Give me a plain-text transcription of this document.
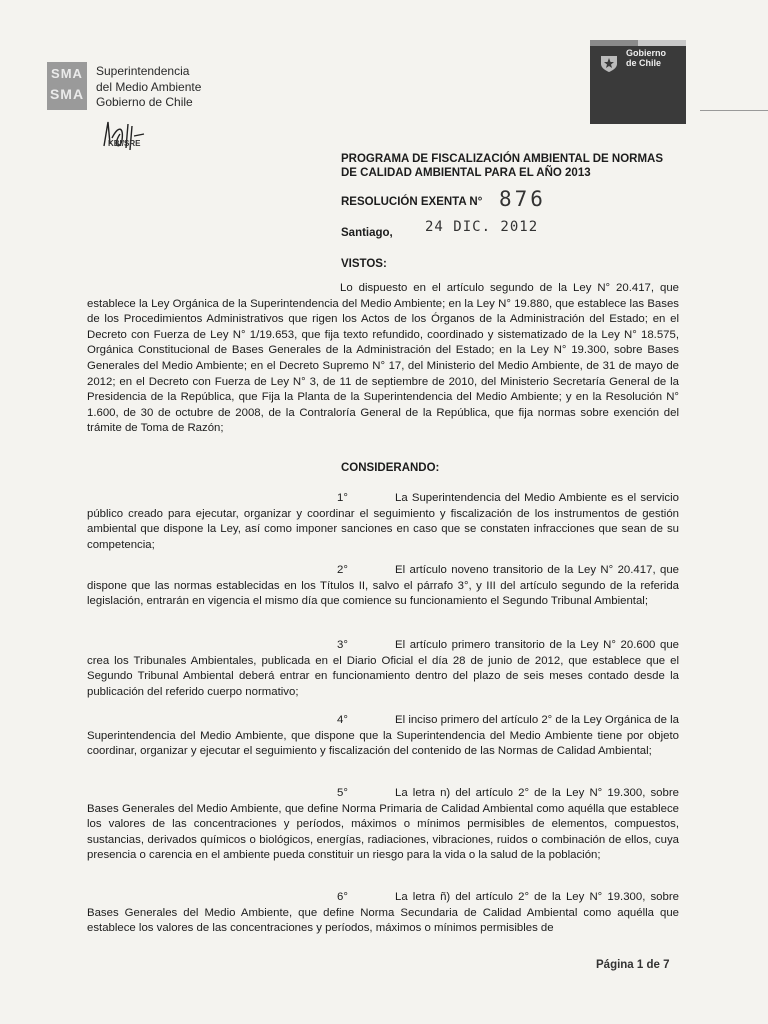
SMA
SMA
Superintendencia
del Medio Ambiente
Gobierno de Chile
KBI/SRE
Gobierno
de Chile
PROGRAMA DE FISCALIZACIÓN AMBIENTAL DE NORMAS
DE CALIDAD AMBIENTAL PARA EL AÑO 2013
RESOLUCIÓN EXENTA N° 876
Santiago, 24 DIC. 2012
VISTOS:
Lo dispuesto en el artículo segundo de la Ley N° 20.417, que establece la Ley Orgánica de la Superintendencia del Medio Ambiente; en la Ley N° 19.880, que establece las Bases de los Procedimientos Administrativos que rigen los Actos de los Órganos de la Administración del Estado; en el Decreto con Fuerza de Ley N° 1/19.653, que fija texto refundido, coordinado y sistematizado de la Ley N° 18.575, Orgánica Constitucional de Bases Generales de la Administración del Estado; en la Ley N° 19.300, sobre Bases Generales del Medio Ambiente; en el Decreto Supremo N° 17, del Ministerio del Medio Ambiente, de 31 de mayo de 2012; en el Decreto con Fuerza de Ley N° 3, de 11 de septiembre de 2010, del Ministerio Secretaría General de la Presidencia de la República, que Fija la Planta de la Superintendencia del Medio Ambiente; y en la Resolución N° 1.600, de 30 de octubre de 2008, de la Contraloría General de la República, que fija normas sobre exención del trámite de Toma de Razón;
CONSIDERANDO:
1°	La Superintendencia del Medio Ambiente es el servicio público creado para ejecutar, organizar y coordinar el seguimiento y fiscalización de los instrumentos de gestión ambiental que dispone la Ley, así como imponer sanciones en caso que se constaten infracciones que sean de su competencia;
2°	El artículo noveno transitorio de la Ley N° 20.417, que dispone que las normas establecidas en los Títulos II, salvo el párrafo 3°, y III del artículo segundo de la referida legislación, entrarán en vigencia el mismo día que comience su funcionamiento el Segundo Tribunal Ambiental;
3°	El artículo primero transitorio de la Ley N° 20.600 que crea los Tribunales Ambientales, publicada en el Diario Oficial el día 28 de junio de 2012, que establece que el Segundo Tribunal Ambiental deberá entrar en funcionamiento dentro del plazo de seis meses contado desde la publicación del referido cuerpo normativo;
4°	El inciso primero del artículo 2° de la Ley Orgánica de la Superintendencia del Medio Ambiente, que dispone que la Superintendencia del Medio Ambiente tiene por objeto coordinar, organizar y ejecutar el seguimiento y fiscalización del contenido de las Normas de Calidad Ambiental;
5°	La letra n) del artículo 2° de la Ley N° 19.300, sobre Bases Generales del Medio Ambiente, que define Norma Primaria de Calidad Ambiental como aquélla que establece los valores de las concentraciones y períodos, máximos o mínimos permisibles de elementos, compuestos, sustancias, derivados químicos o biológicos, energías, radiaciones, vibraciones, ruidos o combinación de ellos, cuya presencia o carencia en el ambiente pueda constituir un riesgo para la vida o la salud de la población;
6°	La letra ñ) del artículo 2° de la Ley N° 19.300, sobre Bases Generales del Medio Ambiente, que define Norma Secundaria de Calidad Ambiental como aquélla que establece los valores de las concentraciones y períodos, máximos o mínimos permisibles de
Página 1 de 7
